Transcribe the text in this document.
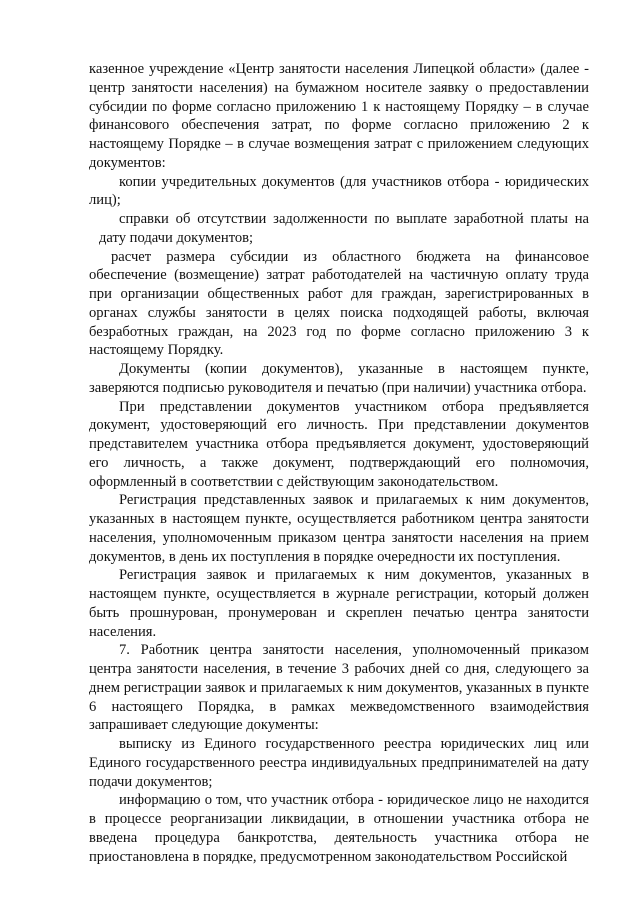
казенное учреждение «Центр занятости населения Липецкой области» (далее - центр занятости населения) на бумажном носителе заявку о предоставлении субсидии по форме согласно приложению 1 к настоящему Порядку – в случае финансового обеспечения затрат, по форме согласно приложению 2 к настоящему Порядке – в случае возмещения затрат с приложением следующих документов:

копии учредительных документов (для участников отбора - юридических лиц);

справки об отсутствии задолженности по выплате заработной платы на дату подачи документов;

расчет размера субсидии из областного бюджета на финансовое обеспечение (возмещение) затрат работодателей на частичную оплату труда при организации общественных работ для граждан, зарегистрированных в органах службы занятости в целях поиска подходящей работы, включая безработных граждан, на 2023 год по форме согласно приложению 3 к настоящему Порядку.

Документы (копии документов), указанные в настоящем пункте, заверяются подписью руководителя и печатью (при наличии) участника отбора.

При представлении документов участником отбора предъявляется документ, удостоверяющий его личность. При представлении документов представителем участника отбора предъявляется документ, удостоверяющий его личность, а также документ, подтверждающий его полномочия, оформленный в соответствии с действующим законодательством.

Регистрация представленных заявок и прилагаемых к ним документов, указанных в настоящем пункте, осуществляется работником центра занятости населения, уполномоченным приказом центра занятости населения на прием документов, в день их поступления в порядке очередности их поступления.

Регистрация заявок и прилагаемых к ним документов, указанных в настоящем пункте, осуществляется в журнале регистрации, который должен быть прошнурован, пронумерован и скреплен печатью центра занятости населения.

7. Работник центра занятости населения, уполномоченный приказом центра занятости населения, в течение 3 рабочих дней со дня, следующего за днем регистрации заявок и прилагаемых к ним документов, указанных в пункте 6 настоящего Порядка, в рамках межведомственного взаимодействия запрашивает следующие документы:

выписку из Единого государственного реестра юридических лиц или Единого государственного реестра индивидуальных предпринимателей на дату подачи документов;

информацию о том, что участник отбора - юридическое лицо не находится в процессе реорганизации ликвидации, в отношении участника отбора не введена процедура банкротства, деятельность участника отбора не приостановлена в порядке, предусмотренном законодательством Российской
